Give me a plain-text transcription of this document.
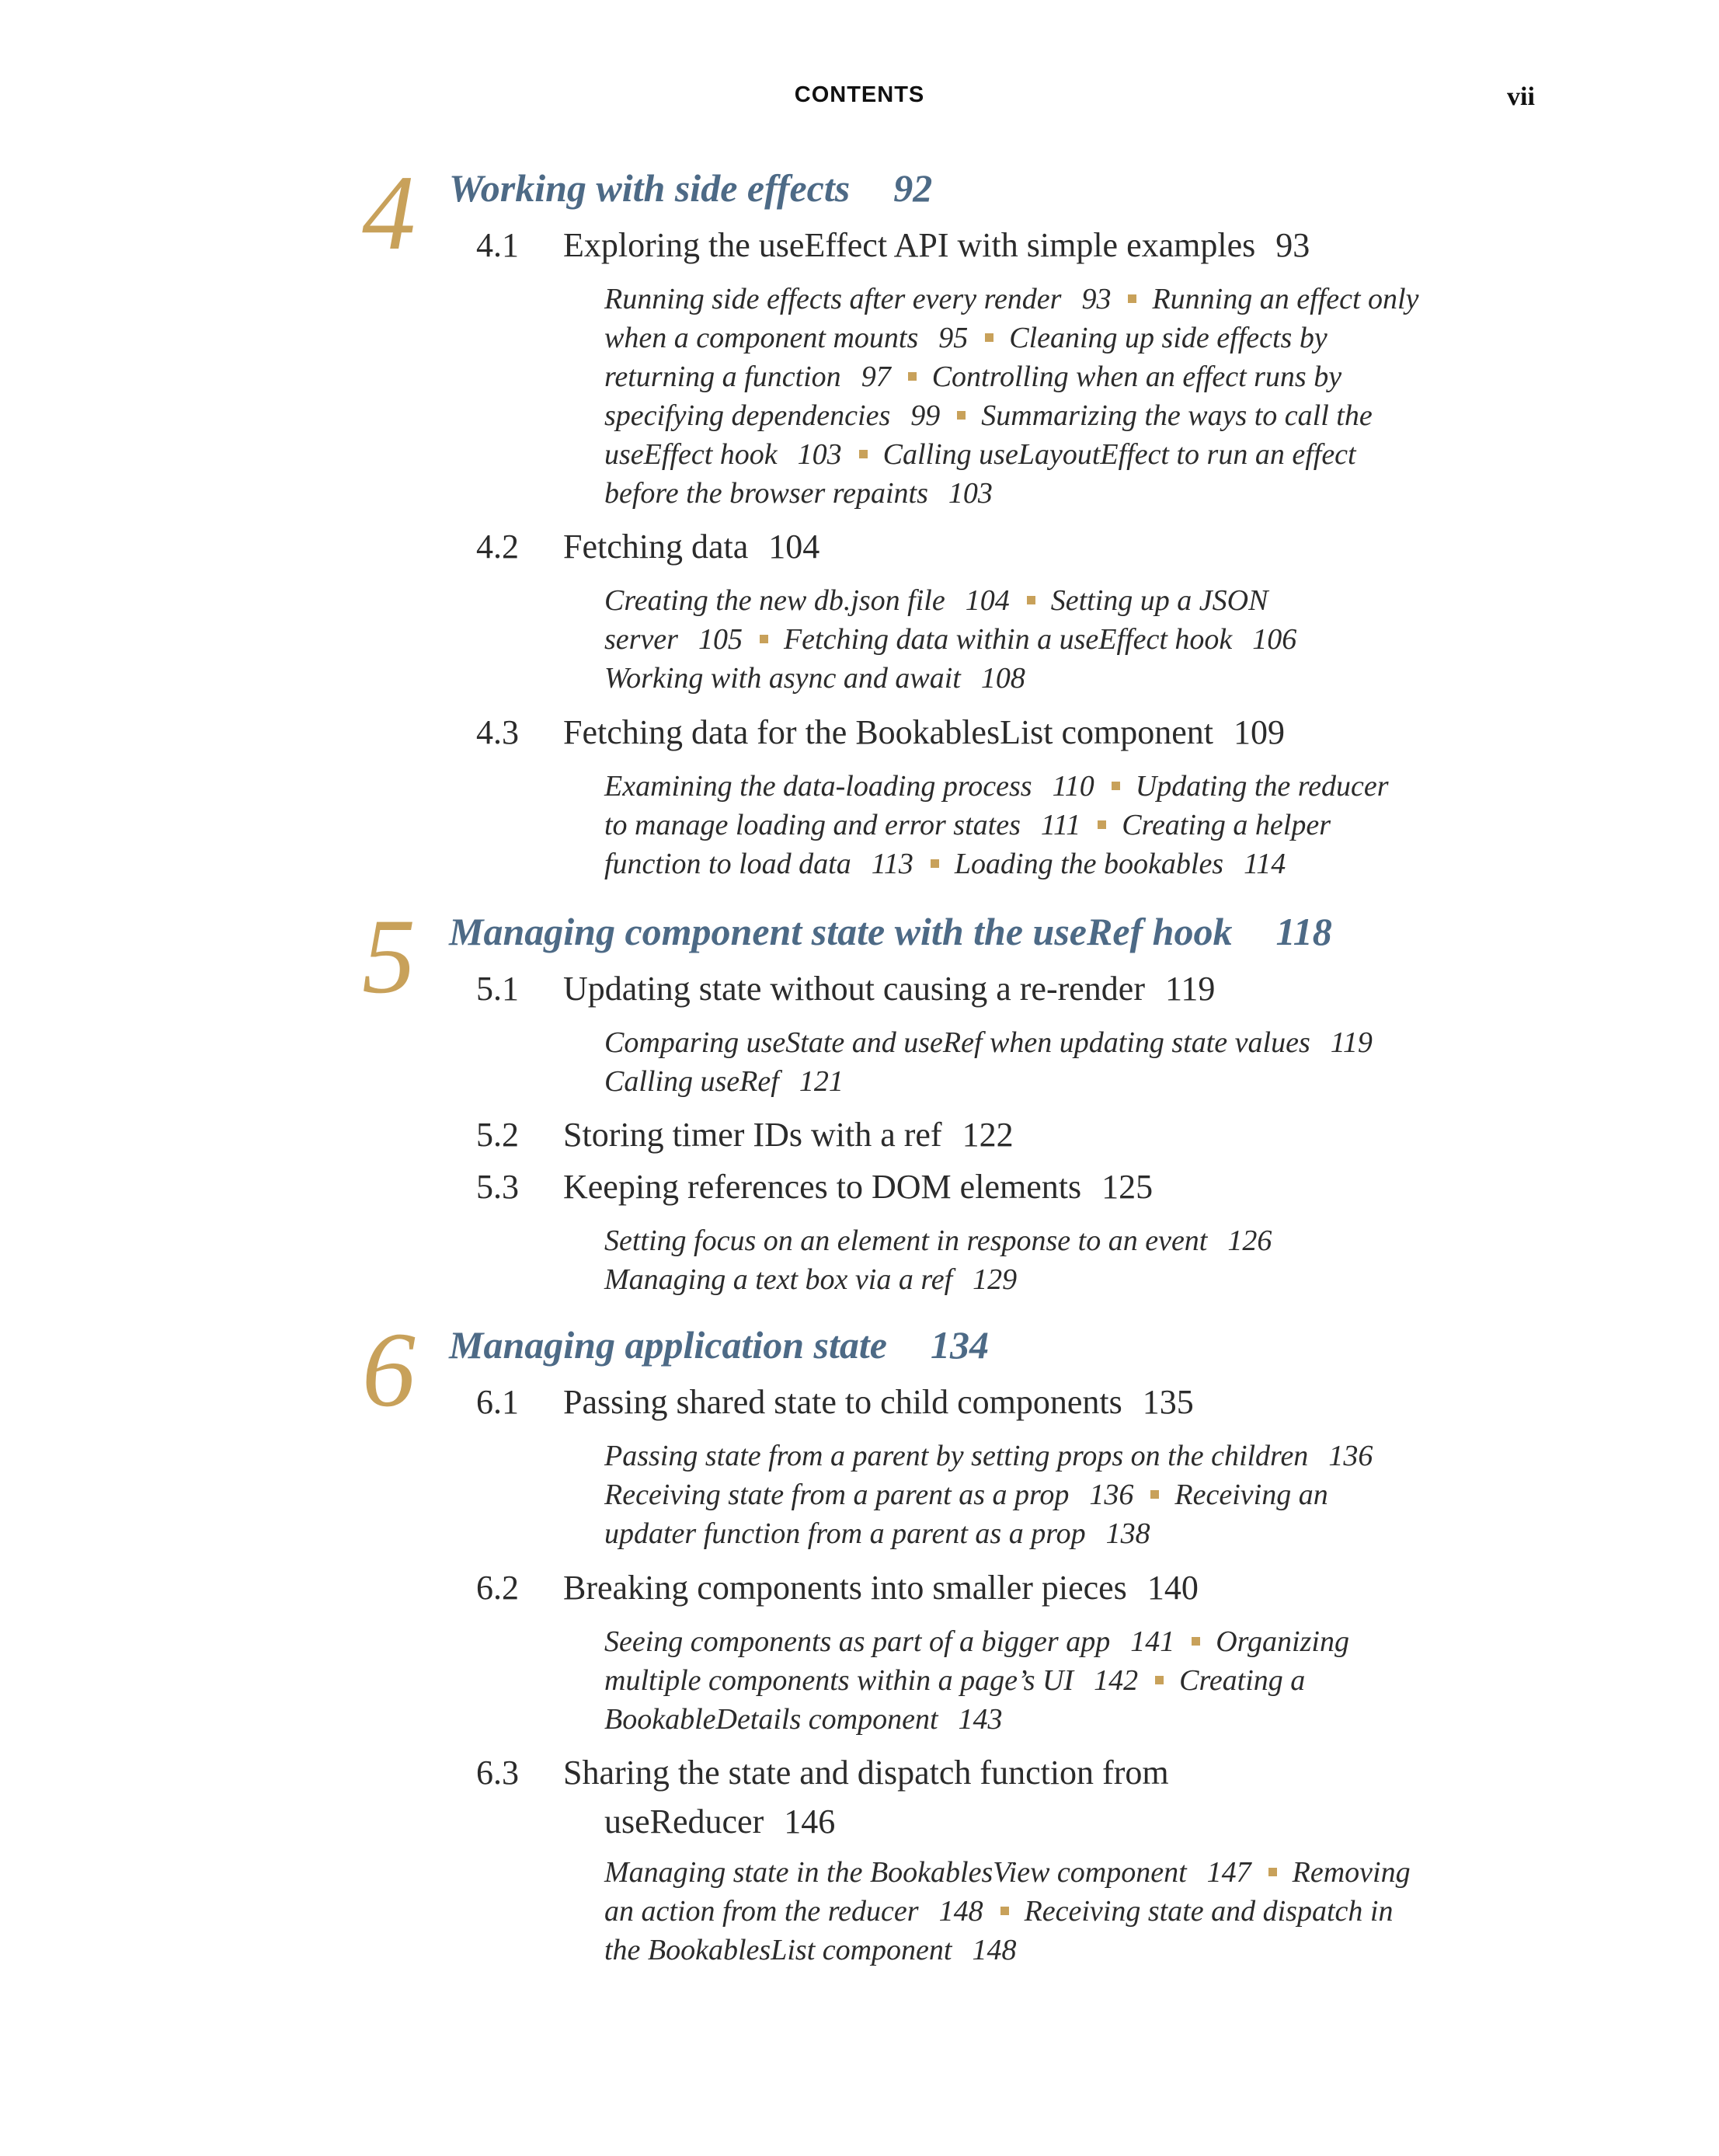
CONTENTS	vii
4 Working with side effects 92
4.1 Exploring the useEffect API with simple examples 93
Running side effects after every render 93 Running an effect only
when a component mounts 95 Cleaning up side effects by
returning a function 97 Controlling when an effect runs by
specifying dependencies 99 Summarizing the ways to call the
useEffect hook 103 Calling useLayoutEffect to run an effect
before the browser repaints 103
4.2 Fetching data 104
Creating the new db.json file 104 Setting up a JSON
server 105 Fetching data within a useEffect hook 106
Working with async and await 108
4.3 Fetching data for the BookablesList component 109
Examining the data-loading process 110 Updating the reducer
to manage loading and error states 111 Creating a helper
function to load data 113 Loading the bookables 114
5 Managing component state with the useRef hook 118
5.1 Updating state without causing a re-render 119
Comparing useState and useRef when updating state values 119
Calling useRef 121
5.2 Storing timer IDs with a ref 122
5.3 Keeping references to DOM elements 125
Setting focus on an element in response to an event 126
Managing a text box via a ref 129
6 Managing application state 134
6.1 Passing shared state to child components 135
Passing state from a parent by setting props on the children 136
Receiving state from a parent as a prop 136 Receiving an
updater function from a parent as a prop 138
6.2 Breaking components into smaller pieces 140
Seeing components as part of a bigger app 141 Organizing
multiple components within a page’s UI 142 Creating a
BookableDetails component 143
6.3 Sharing the state and dispatch function from
useReducer 146
Managing state in the BookablesView component 147 Removing
an action from the reducer 148 Receiving state and dispatch in
the BookablesList component 148
